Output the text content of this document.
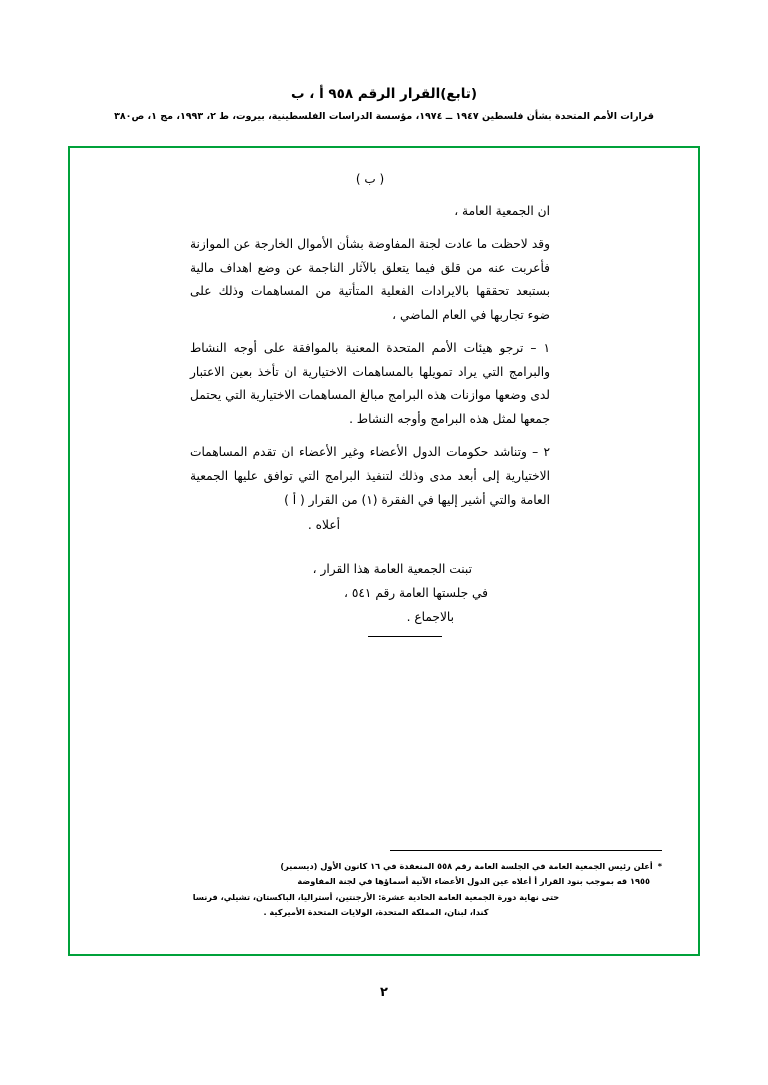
(تابع)القرار الرقم ٩٥٨ أ ، ب
قرارات الأمم المتحدة بشأن فلسطين ١٩٤٧ ــ ١٩٧٤، مؤسسة الدراسات الفلسطينية، بيروت، ط ٢، ١٩٩٣، مج ١، ص٣٨٠
( ب )

ان الجمعية العامة ،

وقد لاحظت ما عادت لجنة المفاوضة بشأن الأموال الخارجة عن الموازنة فأعربت عنه من قلق فيما يتعلق بالآثار الناجمة عن وضع اهداف مالية بستبعد تحققها بالايرادات الفعلية المتأتية من المساهمات وذلك على ضوء تجاربها في العام الماضي ،

١ – ترجو هيئات الأمم المتحدة المعنية بالموافقة على أوجه النشاط والبرامج التي يراد تمويلها بالمساهمات الاختيارية ان تأخذ بعين الاعتبار لدى وضعها موازنات هذه البرامج مبالغ المساهمات الاختيارية التي يحتمل جمعها لمثل هذه البرامج وأوجه النشاط .

٢ – وتناشد حكومات الدول الأعضاء وغير الأعضاء ان تقدم المساهمات الاختيارية إلى أبعد مدى وذلك لتنفيذ البرامج التي توافق عليها الجمعية العامة والتي أشير إليها في الفقرة (١) من القرار ( أ )

أعلاه .
تبنت الجمعية العامة هذا القرار ،
في جلستها العامة رقم ٥٤١ ،
بالاجماع .
*أعلن رئيس الجمعية العامة في الجلسة العامة رقم ٥٥٨ المنعقدة في ١٦ كانون الأول (ديسمبر)
١٩٥٥ قه بموجب بنود القرار أ أعلاه عين الدول الأعضاء الآتية أسماؤها في لجنة المفاوضة
حتى نهاية دورة الجمعية العامة الحادية عشرة: الأرجنتين، أستراليا، الباكستان، تشيلي، فرنسا
كندا، لبنان، المملكة المتحدة، الولايات المتحدة الأميركية .
٢
